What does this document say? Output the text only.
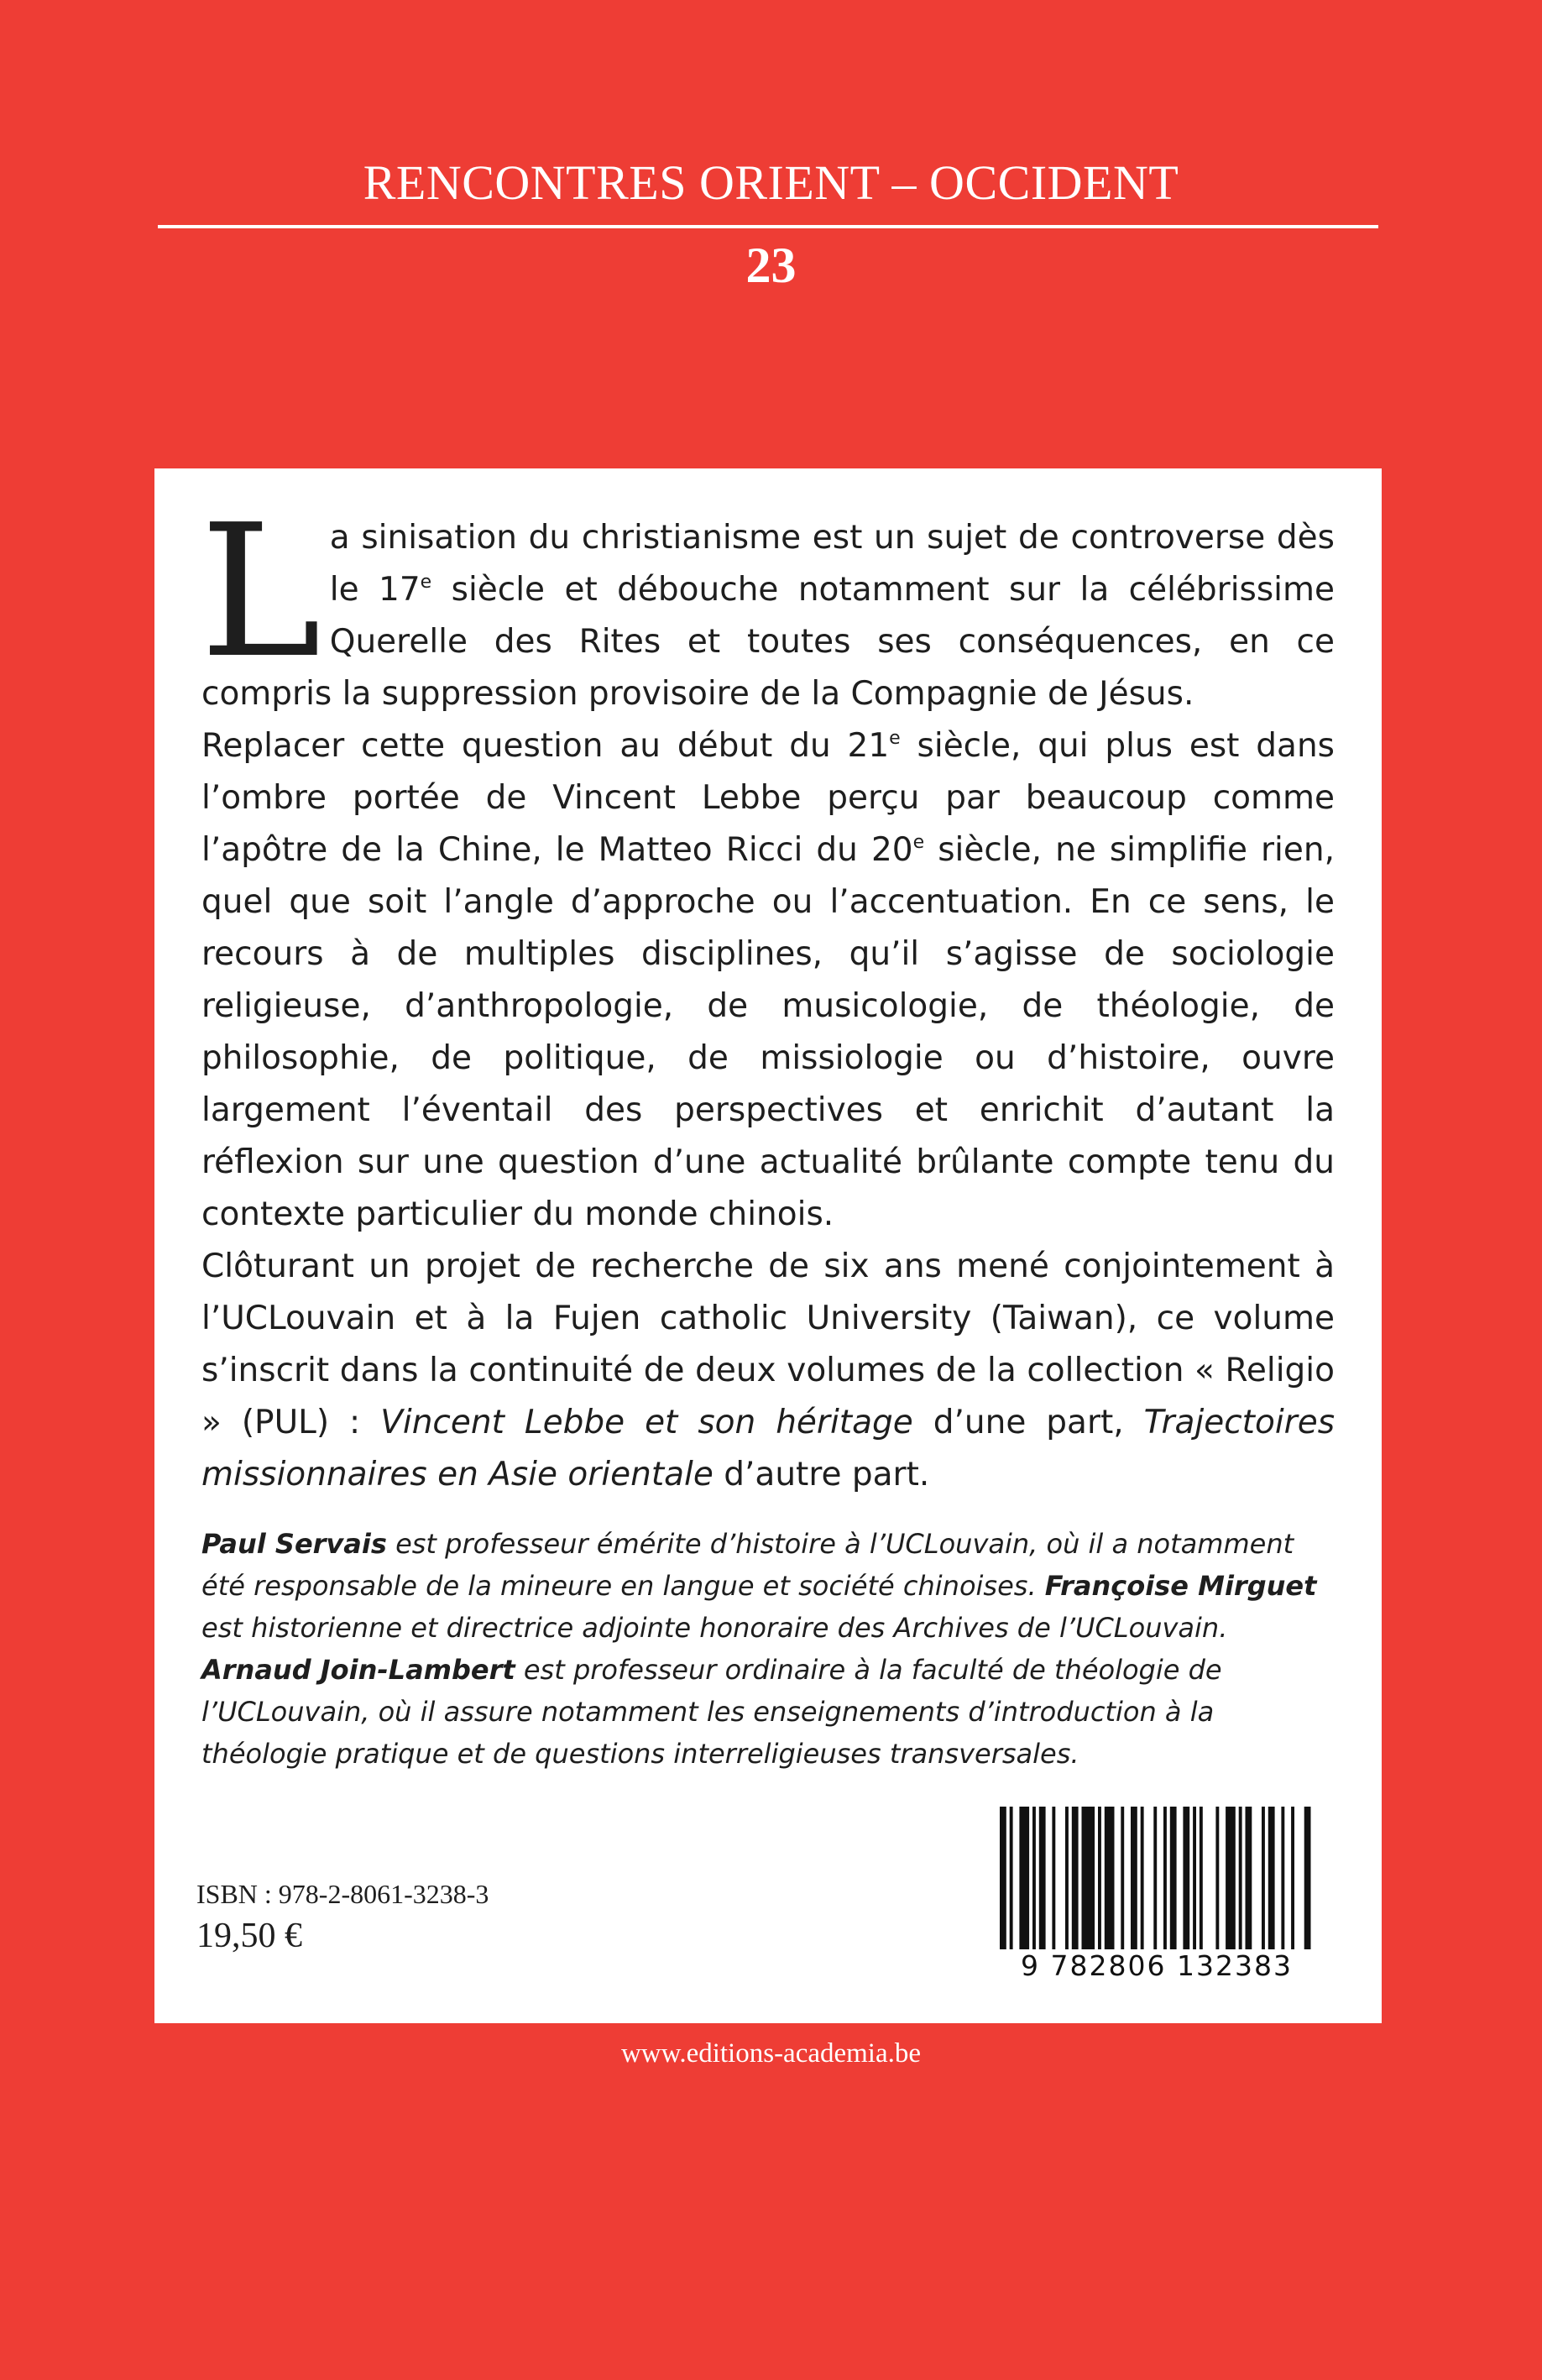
RENCONTRES ORIENT – OCCIDENT
23

La sinisation du christianisme est un sujet de controverse dès le 17e siècle et débouche notamment sur la célébrissime Querelle des Rites et toutes ses conséquences, en ce compris la suppression provisoire de la Compagnie de Jésus.

Replacer cette question au début du 21e siècle, qui plus est dans l’ombre portée de Vincent Lebbe perçu par beaucoup comme l’apôtre de la Chine, le Matteo Ricci du 20e siècle, ne simplifie rien, quel que soit l’angle d’approche ou l’accentuation. En ce sens, le recours à de multiples disciplines, qu’il s’agisse de sociologie religieuse, d’anthropologie, de musicologie, de théologie, de philosophie, de politique, de missiologie ou d’histoire, ouvre largement l’éventail des perspectives et enrichit d’autant la réflexion sur une question d’une actualité brûlante compte tenu du contexte particulier du monde chinois.

Clôturant un projet de recherche de six ans mené conjointement à l’UCLouvain et à la Fujen catholic University (Taiwan), ce volume s’inscrit dans la continuité de deux volumes de la collection « Religio » (PUL) : Vincent Lebbe et son héritage d’une part, Trajectoires missionnaires en Asie orientale d’autre part.

Paul Servais est professeur émérite d’histoire à l’UCLouvain, où il a notamment été responsable de la mineure en langue et société chinoises. Françoise Mirguet est historienne et directrice adjointe honoraire des Archives de l’UCLouvain. Arnaud Join-Lambert est professeur ordinaire à la faculté de théologie de l’UCLouvain, où il assure notamment les enseignements d’introduction à la théologie pratique et de questions interreligieuses transversales.

ISBN : 978-2-8061-3238-3
19,50 €
9 782806 132383
www.editions-academia.be
